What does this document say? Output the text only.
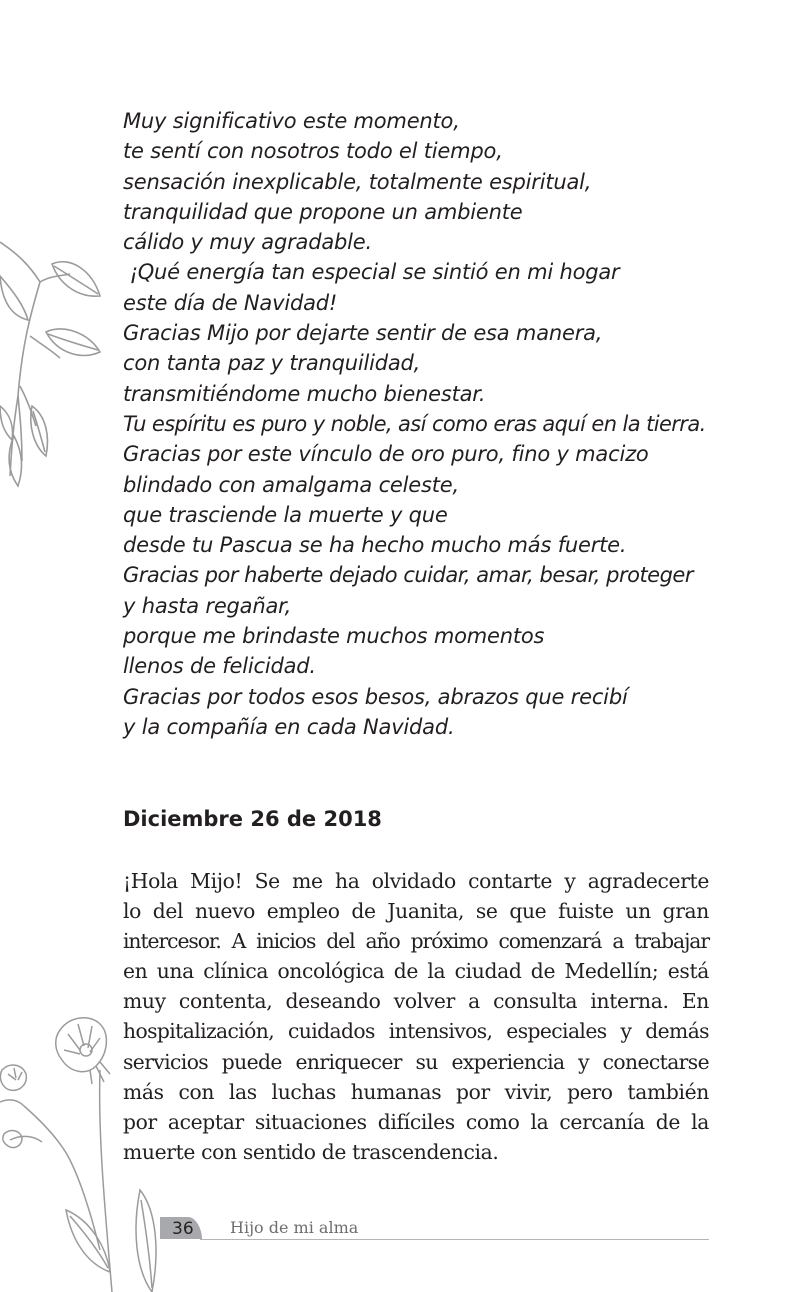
Muy significativo este momento,
te sentí con nosotros todo el tiempo,
sensación inexplicable, totalmente espiritual,
tranquilidad que propone un ambiente
cálido y muy agradable.
¡Qué energía tan especial se sintió en mi hogar
este día de Navidad!
Gracias Mijo por dejarte sentir de esa manera,
con tanta paz y tranquilidad,
transmitiéndome mucho bienestar.
Tu espíritu es puro y noble, así como eras aquí en la tierra.
Gracias por este vínculo de oro puro, fino y macizo
blindado con amalgama celeste,
que trasciende la muerte y que
desde tu Pascua se ha hecho mucho más fuerte.
Gracias por haberte dejado cuidar, amar, besar, proteger
y hasta regañar,
porque me brindaste muchos momentos
llenos de felicidad.
Gracias por todos esos besos, abrazos que recibí
y la compañía en cada Navidad.
Diciembre 26 de 2018
¡Hola Mijo! Se me ha olvidado contarte y agradecerte
lo del nuevo empleo de Juanita, se que fuiste un gran
intercesor. A inicios del año próximo comenzará a trabajar
en una clínica oncológica de la ciudad de Medellín; está
muy contenta, deseando volver a consulta interna. En
hospitalización, cuidados intensivos, especiales y demás
servicios puede enriquecer su experiencia y conectarse
más con las luchas humanas por vivir, pero también
por aceptar situaciones difíciles como la cercanía de la
muerte con sentido de trascendencia.
36 Hijo de mi alma
